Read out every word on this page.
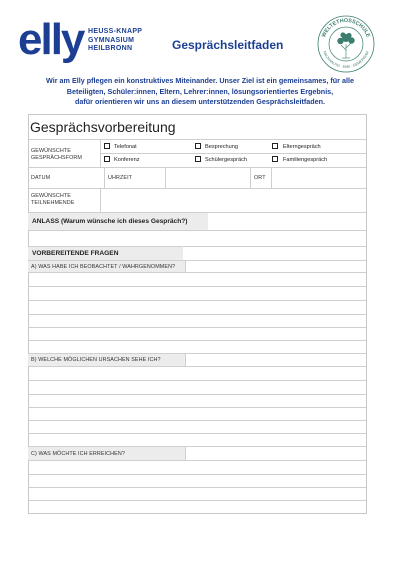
elly HEUSS-KNAPP
GYMNASIUM
HEILBRONN	Gesprächsleitfaden
WELTETHOSSCHULE
NACHHALTIG · FAIR · GEMEINSAM
Wir am Elly pflegen ein konstruktives Miteinander. Unser Ziel ist ein gemeinsames, für alle
Beteiligten, Schüler:innen, Eltern, Lehrer:innen, lösungsorientiertes Ergebnis,
dafür orientieren wir uns an diesem unterstützenden Gesprächsleitfaden.
Gesprächsvorbereitung
GEWÜNSCHTE
GESPRÄCHSFORM
Telefonat	Besprechung	Elterngespräch
Konferenz	Schülergespräch	Familiengespräch
DATUM	UHRZEIT	ORT
GEWÜNSCHTE
TEILNEHMENDE
ANLASS (Warum wünsche ich dieses Gespräch?)
VORBEREITENDE FRAGEN
A) WAS HABE ICH BEOBACHTET / WAHRGENOMMEN?
B) WELCHE MÖGLICHEN URSACHEN SEHE ICH?
C) WAS MÖCHTE ICH ERREICHEN?
